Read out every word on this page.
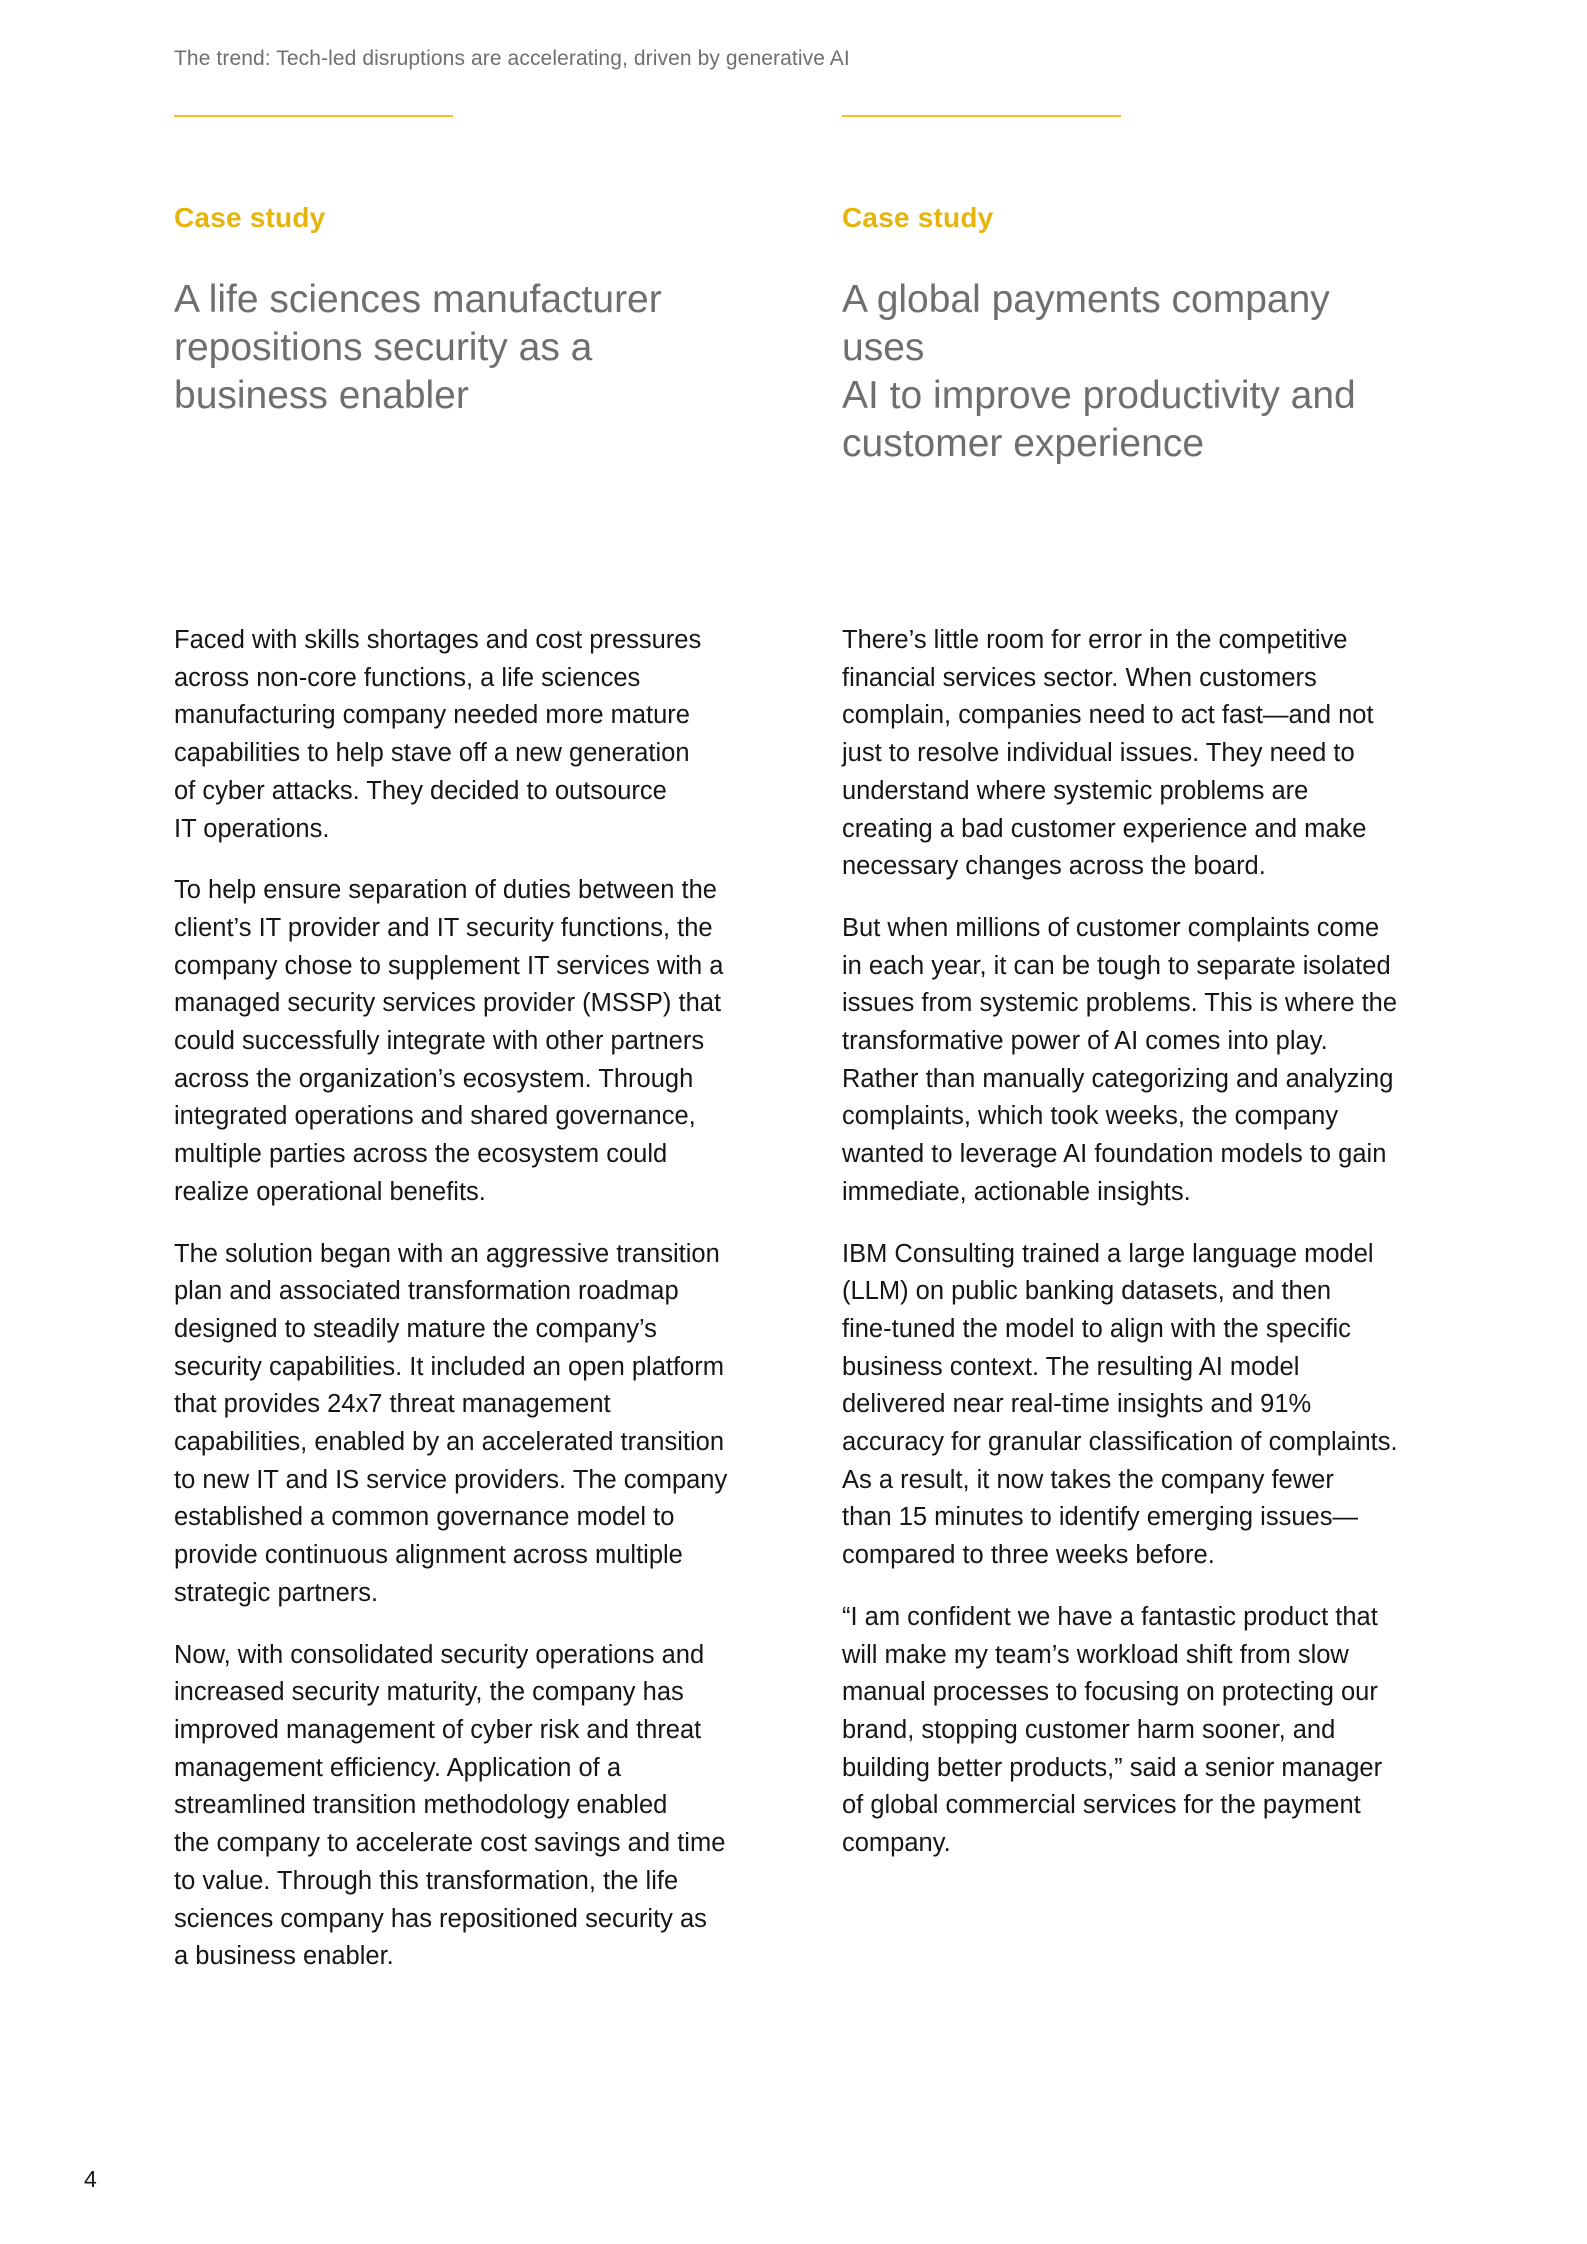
The trend: Tech-led disruptions are accelerating, driven by generative AI
Case study
A life sciences manufacturer
repositions security as a
business enabler

Faced with skills shortages and cost pressures
across non-core functions, a life sciences
manufacturing company needed more mature
capabilities to help stave off a new generation
of cyber attacks. They decided to outsource
IT operations.

To help ensure separation of duties between the
client’s IT provider and IT security functions, the
company chose to supplement IT services with a
managed security services provider (MSSP) that
could successfully integrate with other partners
across the organization’s ecosystem. Through
integrated operations and shared governance,
multiple parties across the ecosystem could
realize operational benefits.

The solution began with an aggressive transition
plan and associated transformation roadmap
designed to steadily mature the company’s
security capabilities. It included an open platform
that provides 24x7 threat management
capabilities, enabled by an accelerated transition
to new IT and IS service providers. The company
established a common governance model to
provide continuous alignment across multiple
strategic partners.

Now, with consolidated security operations and
increased security maturity, the company has
improved management of cyber risk and threat
management efficiency. Application of a
streamlined transition methodology enabled
the company to accelerate cost savings and time
to value. Through this transformation, the life
sciences company has repositioned security as
a business enabler.

Case study
A global payments company uses
AI to improve productivity and
customer experience

There’s little room for error in the competitive
financial services sector. When customers
complain, companies need to act fast—and not
just to resolve individual issues. They need to
understand where systemic problems are
creating a bad customer experience and make
necessary changes across the board.

But when millions of customer complaints come
in each year, it can be tough to separate isolated
issues from systemic problems. This is where the
transformative power of AI comes into play.
Rather than manually categorizing and analyzing
complaints, which took weeks, the company
wanted to leverage AI foundation models to gain
immediate, actionable insights.

IBM Consulting trained a large language model
(LLM) on public banking datasets, and then
fine-tuned the model to align with the specific
business context. The resulting AI model
delivered near real-time insights and 91%
accuracy for granular classification of complaints.
As a result, it now takes the company fewer
than 15 minutes to identify emerging issues—
compared to three weeks before.

“I am confident we have a fantastic product that
will make my team’s workload shift from slow
manual processes to focusing on protecting our
brand, stopping customer harm sooner, and
building better products,” said a senior manager
of global commercial services for the payment
company.

4
